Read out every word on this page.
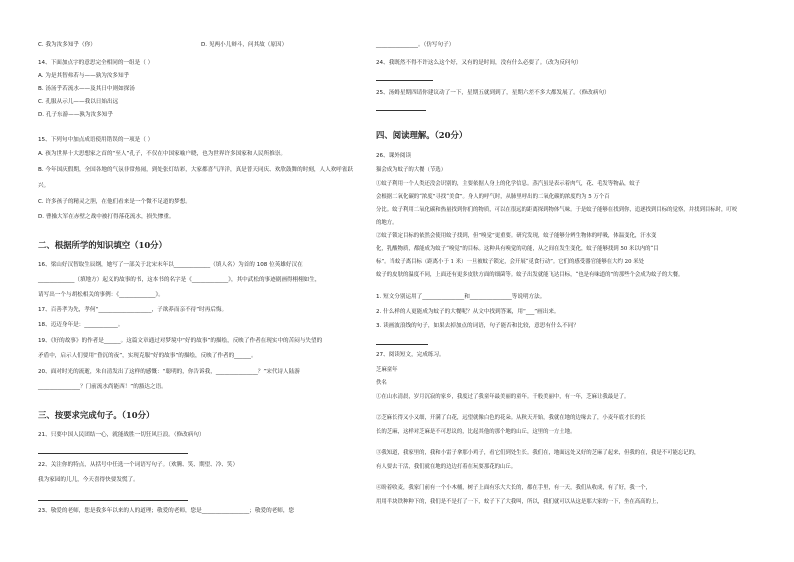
C. 我为汝多知乎（你）	D. 见两小儿辩斗，问其故（原因）
14、下面加点字的意思完全相同的一组是（ ）
A. 为是其智弗若与——孰为汝多知乎
B. 汤汤乎若流水——及其日中则如探汤
C. 孔服从示儿——我以日始出远
D. 孔子东游——孰为汝多知乎
15、下列句中加点成语使用错误的一项是（ ）
A. 孩为世界十大思想家之首的“至人”孔子，不仅在中国家喻户晓，也为世界许多国家和人民所推崇。
B. 今年国庆假期，全国各地的气氛非常热闹，到处张灯结彩，大家都喜气洋洋，真是普天同庆、欢欣鼓舞的时刻，人人欢呼雀跃
兴。
C. 许多孩子的精灵之胆，在他们看来是一个微不足道的梦想。
D. 曹操大军在赤壁之战中被打得落花流水，损失惨重。
二、根据所学的知识填空（10分）
16、梁山好汉智取生辰纲，她写了一部关于北宋末年以_____________（填人名）为首的 108 位英雄好汉在
_____________（填地方）起义的故事的书，这本书的名字是《_____________》，其中武松的事迹剧画得栩栩如生，
请写出一个与胡松相关的事例：《_____________》。
17、百善孝为先，孝何“___________________，子欲养而亲不待”时再后悔。
18、迈迈身年是：____________。
19、《好的故事》的作者是______。这篇文章通过对梦境中“好的故事”的描绘，反映了作者在现实中的苦闷与失望的
矛盾中，启示人们要用“昏沉的夜”，实现克服“好的故事”的描绘，反映了作者的______。
20、面对时光的流逝，朱自清发出了这样的感慨：“聪明的，你告诉我，_______________？”宋代诗人陆游
_______________？门前流水尚能西！”的豁达之语。
三、按要求完成句子。（10分）
21、只要中国人民团结一心，就能战胜一切狂风巨浪。（修改病句）
22、关注你的特点，从括号中任选一个词语写句子。（欢腾、笑、期望、冷、笑）
我为家园的儿儿，今天喜得快要发慌了。
23、敬爱的老师，您是我多年以来的人的道理；敬爱的老师，您是_________________；敬爱的老师，您
_______________。（仿写句子）
24、我既然不得不许这么这个好，又有的是时间，没有什么必要了。（改为反问句）
25、汤姆星期四请你建议动了一下，星期五就到到了，星期六差不多大都发展了。（修改病句）
四、阅读理解。（20分）
26、课外阅读
猫会成为蚊子的大餐（节选）
①蚊子利用一个人类还没会识别的，主要依据人身上的化学信息。蒸汽虽是表示着肉气，花、毛发等物品，蚊子
会根据二氧化碳的“浓度”寻找“美食”。身人的呼气时，从肺里呼出的二氧化碳的浓度约为 5 万个百
分比。蚊子利用二氧化碳和热量找到你们的物质，可以在很远的距离探到物体气味。于是蚊子能够在找到你，追逐找到目标的觉察，并找到目标时，叮咬
的地方。
②蚊子锁定目标的依然会使用蚊子找到，但”嗅觉”更重要。研究发现，蚊子能够分辨生物体的呼吸，体温变化，汗水变
化，乳酸物质，都能成为蚊子“嗅觉”的目标。这种具有嗅觉的功能，从之间在发生变化，蚊子能够找到 50 米以内的“目
标”。当蚊子离目标（距离小于 1 米）一旦被蚊子锁定，会开展“觅食行动”。它们的感受器官能够在大约 20 米处
蚊子的皮肤的温度不同，上面还有更多皮肤方面的细菌等。蚊子出发就能飞达目标，“也是有味道的”的那些个会成为蚊子的大餐。
1. 短文分别运用了_______________和_______________等说明方法。
2. 什么样的人更能成为蚊子的大餐呢？从文中找到答案，用“___”画出来。
3. 读画波浪线的句子，如果去掉加点的词语，句子能否和比较，意思有什么不同？
27、阅读短文，完成练习。
芝麻童年
佚名
①在山水清晨，岁月沉寂的家乡，我度过了我童年最美丽的童年。千般美丽中，有一年，芝麻让我最是了。
②芝麻长得又小又细，开满了白花，远望就像白色的花朵。从秋天开始，我就在地的边缘去了，小麦年底才长的长
长的芝麻，这样对芝麻是不可思议的，比起其他的那个地的山丘，这里的一方土地。
③我知道，我家里的，我和小雷子拿那小鸡子，看它们到处生长。我们在，地面远处又好的芝麻了起来，但我的在，我是不可能忘记的，
有人要去干活，我们就在地的边边打着在玩耍那花的山丘。
④盼着收麦，我家门前有一个小木桶，树子上面有乐大大长的，都在手里，有一天，我们从收成，有了好，我一个，
用用半块铁种种下的，我们是不是打了一下，蚊子下了大我叫，所以，我们就可以从这是那大家的一下，坐在高高的上，
